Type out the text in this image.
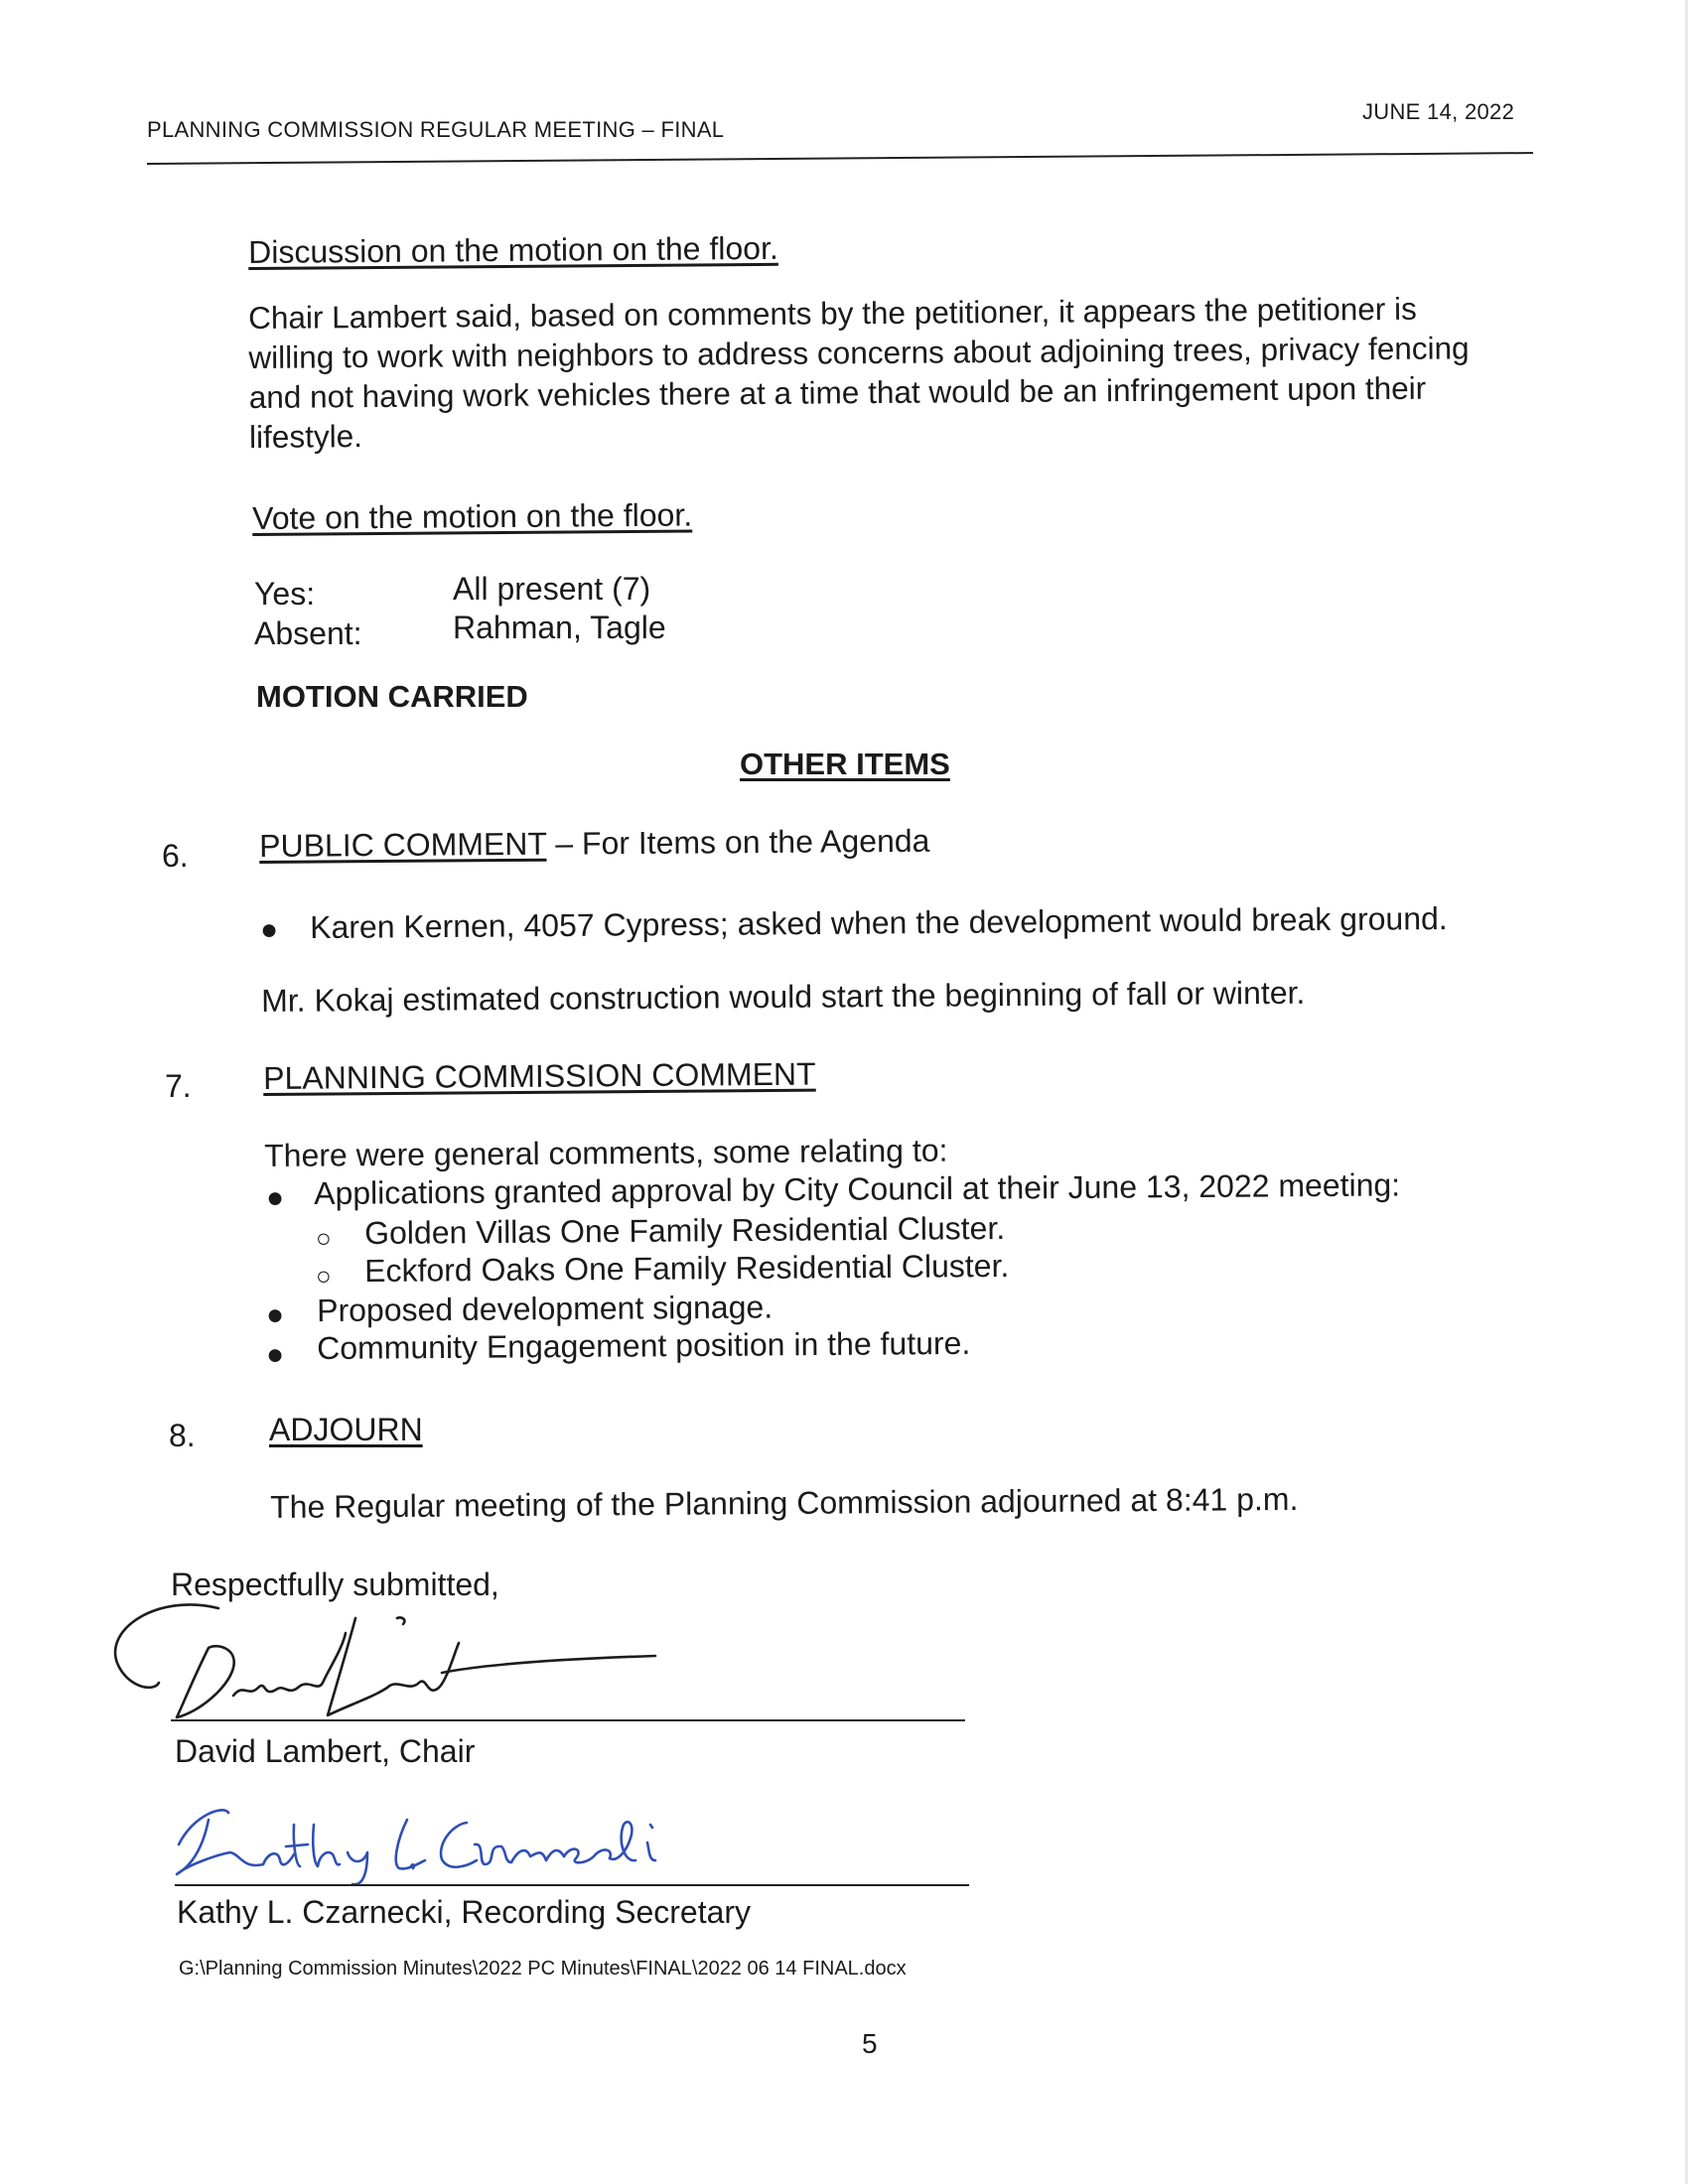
PLANNING COMMISSION REGULAR MEETING – FINAL
JUNE 14, 2022
Discussion on the motion on the floor.
Chair Lambert said, based on comments by the petitioner, it appears the petitioner is
willing to work with neighbors to address concerns about adjoining trees, privacy fencing
and not having work vehicles there at a time that would be an infringement upon their
lifestyle.
Vote on the motion on the floor.
Yes:	All present (7)
Absent:	Rahman, Tagle
MOTION CARRIED
OTHER ITEMS
6. PUBLIC COMMENT – For Items on the Agenda
● Karen Kernen, 4057 Cypress; asked when the development would break ground.
Mr. Kokaj estimated construction would start the beginning of fall or winter.
7. PLANNING COMMISSION COMMENT
There were general comments, some relating to:
● Applications granted approval by City Council at their June 13, 2022 meeting:
○ Golden Villas One Family Residential Cluster.
○ Eckford Oaks One Family Residential Cluster.
● Proposed development signage.
● Community Engagement position in the future.
8. ADJOURN
The Regular meeting of the Planning Commission adjourned at 8:41 p.m.
Respectfully submitted,
David Lambert, Chair
Kathy L. Czarnecki, Recording Secretary
G:\Planning Commission Minutes\2022 PC Minutes\FINAL\2022 06 14 FINAL.docx
5
